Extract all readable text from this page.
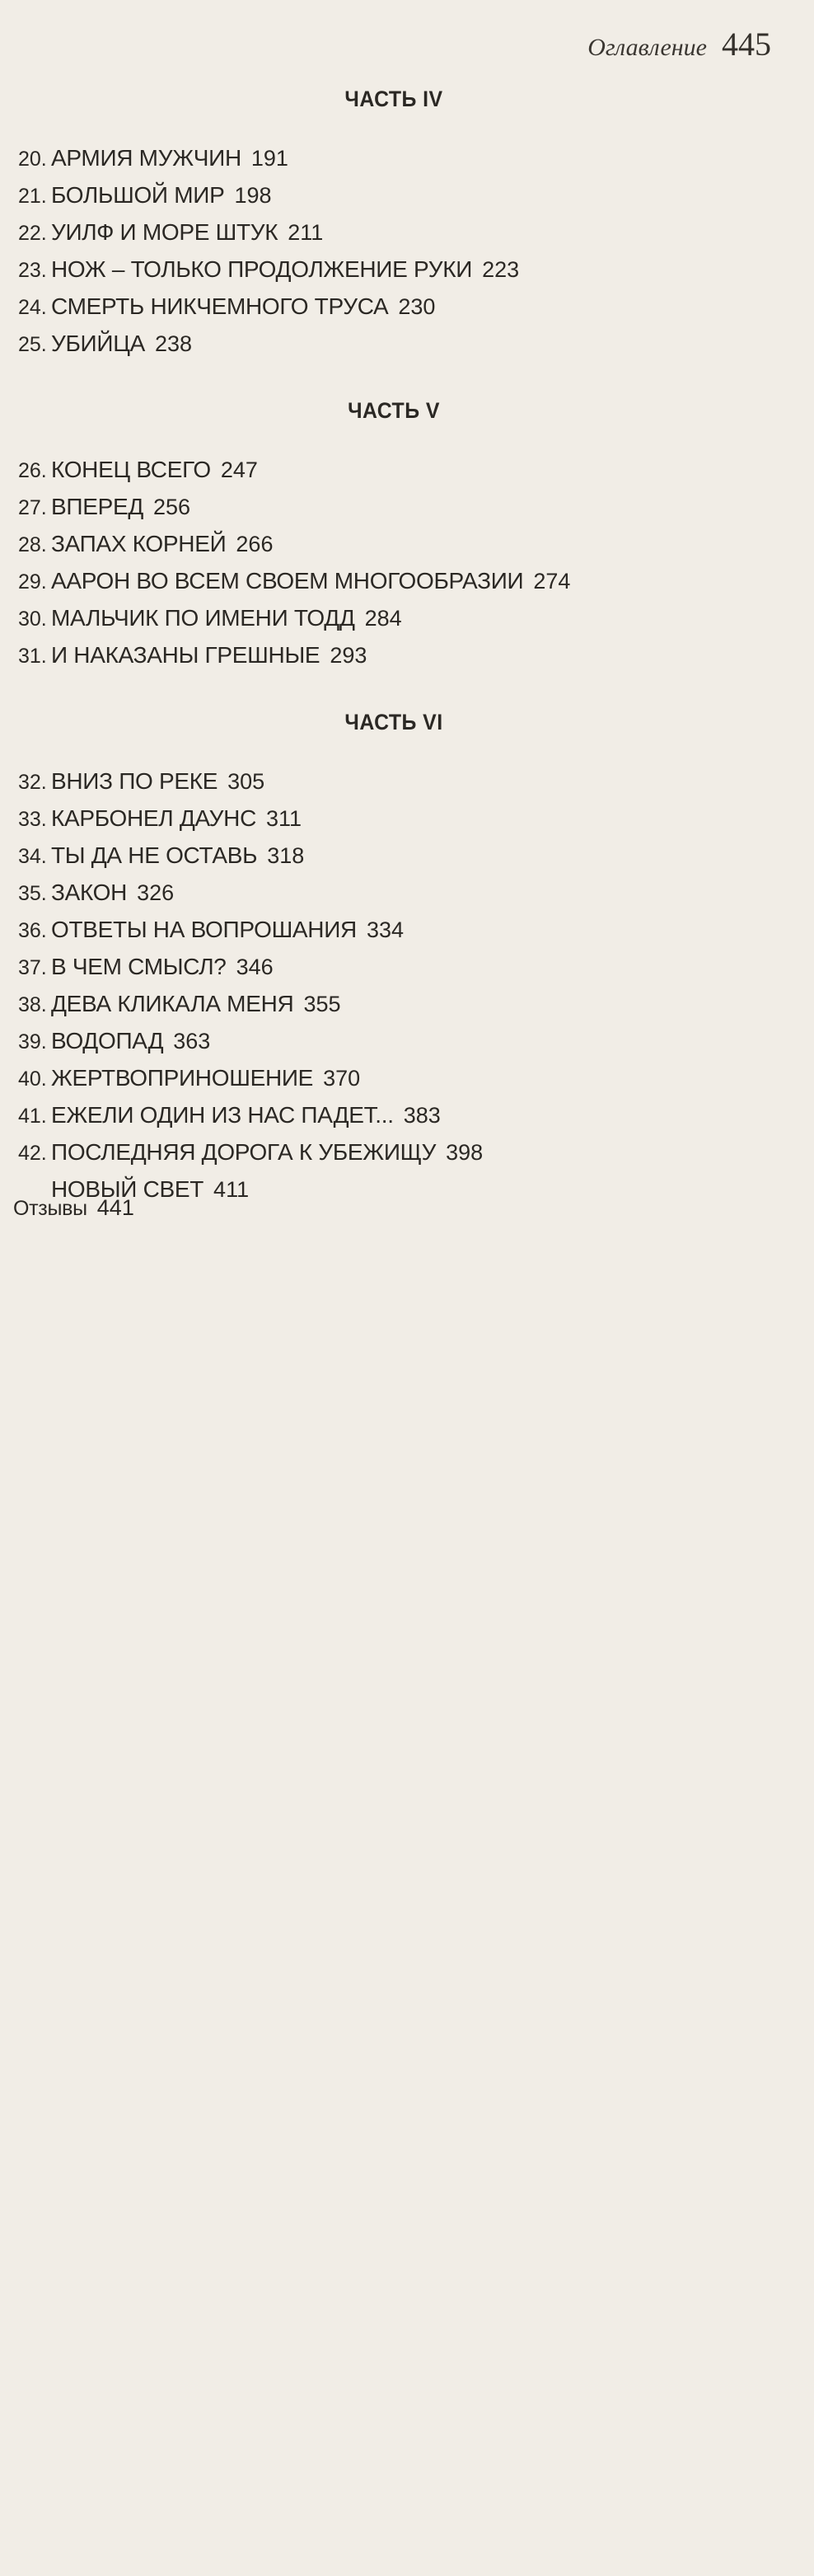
Оглавление 445
ЧАСТЬ IV
20. АРМИЯ МУЖЧИН 191
21. БОЛЬШОЙ МИР 198
22. УИЛФ И МОРЕ ШТУК 211
23. НОЖ – ТОЛЬКО ПРОДОЛЖЕНИЕ РУКИ 223
24. СМЕРТЬ НИКЧЕМНОГО ТРУСА 230
25. УБИЙЦА 238
ЧАСТЬ V
26. КОНЕЦ ВСЕГО 247
27. ВПЕРЕД 256
28. ЗАПАХ КОРНЕЙ 266
29. ААРОН ВО ВСЕМ СВОЕМ МНОГООБРАЗИИ 274
30. МАЛЬЧИК ПО ИМЕНИ ТОДД 284
31. И НАКАЗАНЫ ГРЕШНЫЕ 293
ЧАСТЬ VI
32. ВНИЗ ПО РЕКЕ 305
33. КАРБОНЕЛ ДАУНС 311
34. ТЫ ДА НЕ ОСТАВЬ 318
35. ЗАКОН 326
36. ОТВЕТЫ НА ВОПРОШАНИЯ 334
37. В ЧЕМ СМЫСЛ? 346
38. ДЕВА КЛИКАЛА МЕНЯ 355
39. ВОДОПАД 363
40. ЖЕРТВОПРИНОШЕНИЕ 370
41. ЕЖЕЛИ ОДИН ИЗ НАС ПАДЕТ... 383
42. ПОСЛЕДНЯЯ ДОРОГА К УБЕЖИЩУ 398
НОВЫЙ СВЕТ 411
Отзывы 441
